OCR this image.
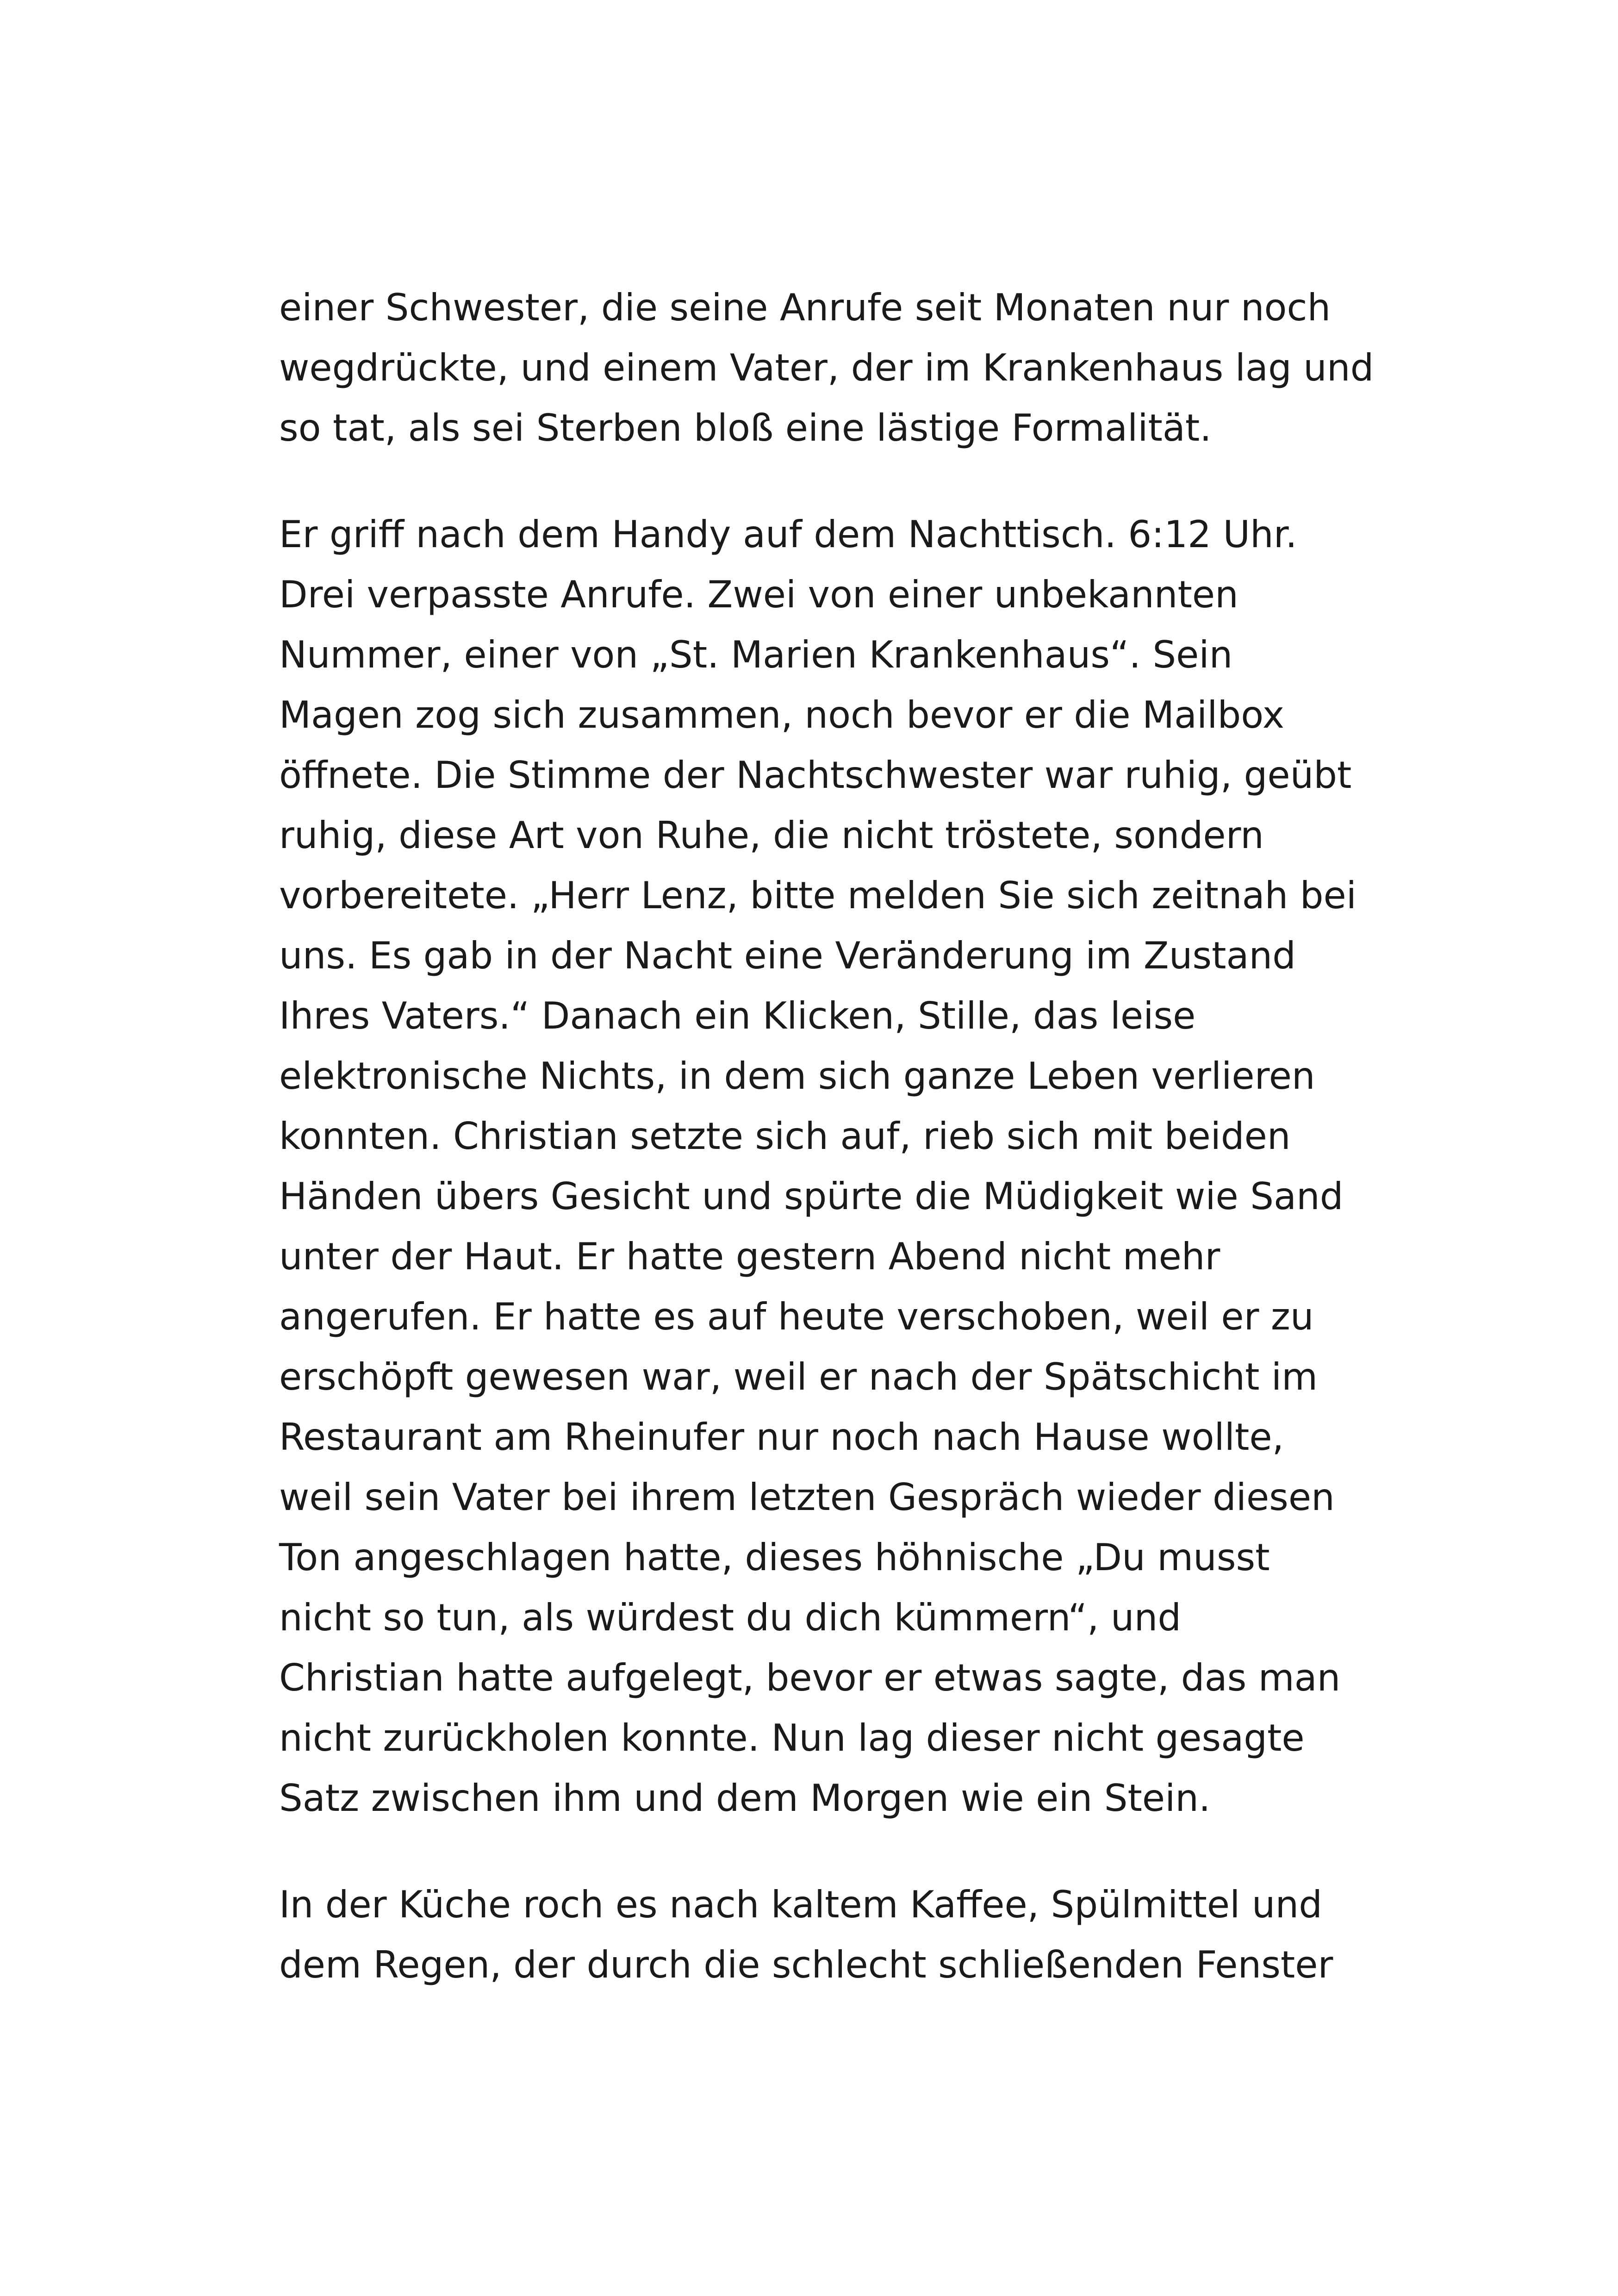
einer Schwester, die seine Anrufe seit Monaten nur noch
wegdrückte, und einem Vater, der im Krankenhaus lag und
so tat, als sei Sterben bloß eine lästige Formalität.
Er griff nach dem Handy auf dem Nachttisch. 6:12 Uhr.
Drei verpasste Anrufe. Zwei von einer unbekannten
Nummer, einer von „St. Marien Krankenhaus“. Sein
Magen zog sich zusammen, noch bevor er die Mailbox
öffnete. Die Stimme der Nachtschwester war ruhig, geübt
ruhig, diese Art von Ruhe, die nicht tröstete, sondern
vorbereitete. „Herr Lenz, bitte melden Sie sich zeitnah bei
uns. Es gab in der Nacht eine Veränderung im Zustand
Ihres Vaters.“ Danach ein Klicken, Stille, das leise
elektronische Nichts, in dem sich ganze Leben verlieren
konnten. Christian setzte sich auf, rieb sich mit beiden
Händen übers Gesicht und spürte die Müdigkeit wie Sand
unter der Haut. Er hatte gestern Abend nicht mehr
angerufen. Er hatte es auf heute verschoben, weil er zu
erschöpft gewesen war, weil er nach der Spätschicht im
Restaurant am Rheinufer nur noch nach Hause wollte,
weil sein Vater bei ihrem letzten Gespräch wieder diesen
Ton angeschlagen hatte, dieses höhnische „Du musst
nicht so tun, als würdest du dich kümmern“, und
Christian hatte aufgelegt, bevor er etwas sagte, das man
nicht zurückholen konnte. Nun lag dieser nicht gesagte
Satz zwischen ihm und dem Morgen wie ein Stein.
In der Küche roch es nach kaltem Kaffee, Spülmittel und
dem Regen, der durch die schlecht schließenden Fenster
